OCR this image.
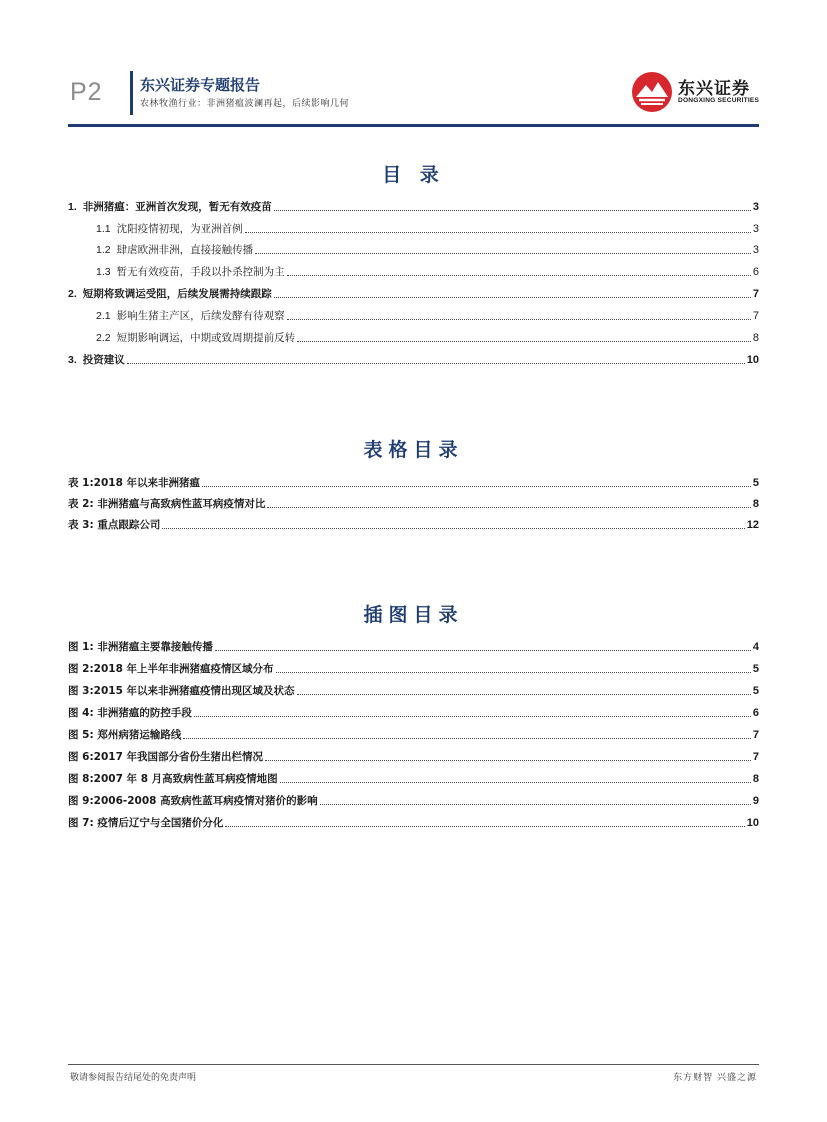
P2 东兴证券专题报告
农林牧渔行业：非洲猪瘟波澜再起，后续影响几何
东兴证券
DONGXING SECURITIES
目 录
1. 非洲猪瘟：亚洲首次发现，暂无有效疫苗	3
1.1 沈阳疫情初现，为亚洲首例	3
1.2 肆虐欧洲非洲，直接接触传播	3
1.3 暂无有效疫苗，手段以扑杀控制为主	6
2. 短期将致调运受阻，后续发展需持续跟踪	7
2.1 影响生猪主产区，后续发酵有待观察	7
2.2 短期影响调运，中期或致周期提前反转	8
3. 投资建议	10
表格目录
表 1:2018 年以来非洲猪瘟	5
表 2: 非洲猪瘟与高致病性蓝耳病疫情对比	8
表 3: 重点跟踪公司	12
插图目录
图 1: 非洲猪瘟主要靠接触传播	4
图 2:2018 年上半年非洲猪瘟疫情区域分布	5
图 3:2015 年以来非洲猪瘟疫情出现区域及状态	5
图 4: 非洲猪瘟的防控手段	6
图 5: 郑州病猪运输路线	7
图 6:2017 年我国部分省份生猪出栏情况	7
图 8:2007 年 8 月高致病性蓝耳病疫情地图	8
图 9:2006-2008 高致病性蓝耳病疫情对猪价的影响	9
图 7: 疫情后辽宁与全国猪价分化	10
敬请参阅报告结尾处的免责声明	东方财智 兴盛之源
